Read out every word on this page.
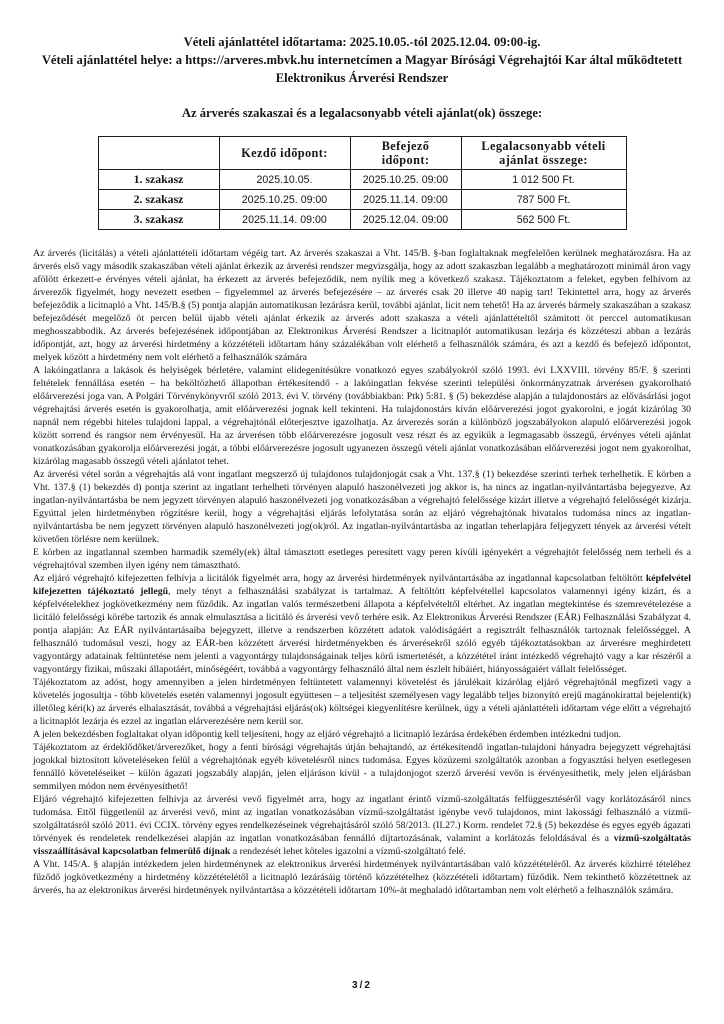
Vételi ajánlattétel időtartama: 2025.10.05.-tól 2025.12.04. 09:00-ig.

Vételi ajánlattétel helye: a https://arveres.mbvk.hu internetcímen a Magyar Bírósági Végrehajtói Kar által működtetett Elektronikus Árverési Rendszer

Az árverés szakaszai és a legalacsonyabb vételi ajánlat(ok) összege:
	Kezdő időpont:	Befejező időpont:	Legalacsonyabb vételi ajánlat összege:
1. szakasz	2025.10.05.	2025.10.25. 09:00	1 012 500 Ft.
2. szakasz	2025.10.25. 09:00	2025.11.14. 09:00	787 500 Ft.
3. szakasz	2025.11.14. 09:00	2025.12.04. 09:00	562 500 Ft.

Az árverés (licitálás) a vételi ajánlattételi időtartam végéig tart. Az árverés szakaszai a Vht. 145/B. §-ban foglaltaknak megfelelően kerülnek meghatározásra. Ha az árverés első vagy második szakaszában vételi ajánlat érkezik az árverési rendszer megvizsgálja, hogy az adott szakaszban legalább a meghatározott minimál áron vagy afölött érkezett-e érvényes vételi ajánlat, ha érkezett az árverés befejeződik, nem nyílik meg a következő szakasz. Tájékoztatom a feleket, egyben felhívom az árverezők figyelmét, hogy nevezett esetben – figyelemmel az árverés befejezésére – az árverés csak 20 illetve 40 napig tart! Tekintettel arra, hogy az árverés befejeződik a licitnapló a Vht. 145/B.§ (5) pontja alapján automatikusan lezárásra kerül, további ajánlat, licit nem tehető! Ha az árverés bármely szakaszában a szakasz befejeződését megelőző öt percen belül újabb vételi ajánlat érkezik az árverés adott szakasza a vételi ajánlattételtől számított öt perccel automatikusan meghosszabbodik. Az árverés befejezésének időpontjában az Elektronikus Árverési Rendszer a licitnaplót automatikusan lezárja és közzéteszi abban a lezárás időpontját, azt, hogy az árverési hirdetmény a közzétételi időtartam hány százalékában volt elérhető a felhasználók számára, és azt a kezdő és befejező időpontot, melyek között a hirdetmény nem volt elérhető a felhasználók számára

A lakóingatlanra a lakások és helyiségek bérletére, valamint elidegenítésükre vonatkozó egyes szabályokról szóló 1993. évi LXXVIII. törvény 85/F. § szerinti feltételek fennállása esetén – ha beköltözhető állapotban értékesítendő - a lakóingatlan fekvése szerinti települési önkormányzatnak árverésen gyakorolható előárverezési joga van. A Polgári Törvénykönyvről szóló 2013. évi V. törvény (továbbiakban: Ptk) 5:81. § (5) bekezdése alapján a tulajdonostárs az elővásárlási jogot végrehajtási árverés esetén is gyakorolhatja, amit előárverezési jognak kell tekinteni. Ha tulajdonostárs kíván előárverezési jogot gyakorolni, e jogát kizárólag 30 napnál nem régebbi hiteles tulajdoni lappal, a végrehajtónál előterjesztve igazolhatja. Az árverezés során a különböző jogszabályokon alapuló előárverezési jogok között sorrend és rangsor nem érvényesül. Ha az árverésen több előárverezésre jogosult vesz részt és az egyikük a legmagasabb összegű, érvényes vételi ajánlat vonatkozásában gyakorolja előárverezési jogát, a többi előárverezésre jogosult ugyanezen összegű vételi ajánlat vonatkozásában előárverezési jogot nem gyakorolhat, kizárólag magasabb összegű vételi ajánlatot tehet.

Az árverési vétel során a végrehajtás alá vont ingatlant megszerző új tulajdonos tulajdonjogát csak a Vht. 137.§ (1) bekezdése szerinti terhek terhelhetik. E körben a Vht. 137.§ (1) bekezdés d) pontja szerint az ingatlant terhelheti törvényen alapuló haszonélvezeti jog akkor is, ha nincs az ingatlan-nyilvántartásba bejegyezve. Az ingatlan-nyilvántartásba be nem jegyzett törvényen alapuló haszonélvezeti jog vonatkozásában a végrehajtó felelőssége kizárt illetve a végrehajtó felelősségét kizárja. Egyúttal jelen hirdetményben rögzítésre kerül, hogy a végrehajtási eljárás lefolytatása során az eljáró végrehajtónak hivatalos tudomása nincs az ingatlan-nyilvántartásba be nem jegyzett törvényen alapuló haszonélvezeti jog(ok)ról. Az ingatlan-nyilvántartásba az ingatlan teherlapjára feljegyzett tények az árverési vételt követően törlésre nem kerülnek.

E körben az ingatlannal szemben harmadik személy(ek) által támasztott esetleges peresített vagy peren kívüli igényekért a végrehajtót felelősség nem terheli és a végrehajtóval szemben ilyen igény nem támasztható.

Az eljáró végrehajtó kifejezetten felhívja a licitálók figyelmét arra, hogy az árverési hirdetmények nyilvántartásába az ingatlannal kapcsolatban feltöltött képfelvétel kifejezetten tájékoztató jellegű, mely tényt a felhasználási szabályzat is tartalmaz. A feltöltött képfelvétellel kapcsolatos valamennyi igény kizárt, és a képfelvételekhez jogkövetkezmény nem fűződik. Az ingatlan valós természetbeni állapota a képfelvételtől eltérhet. Az ingatlan megtekintése és szemrevételezése a licitáló felelősségi körébe tartozik és annak elmulasztása a licitáló és árverési vevő terhére esik. Az Elektronikus Árverési Rendszer (EÁR) Felhasználási Szabályzat 4. pontja alapján: Az EÁR nyilvántartásaiba bejegyzett, illetve a rendszerben közzétett adatok valódiságáért a regisztrált felhasználók tartoznak felelősséggel. A felhasználó tudomásul veszi, hogy az EÁR-ben közzétett árverési hirdetményekben és árverésekről szóló egyéb tájékoztatásokban az árverésre meghirdetett vagyontárgy adatainak feltüntetése nem jelenti a vagyontárgy tulajdonságainak teljes körű ismertetését, a közzététel iránt intézkedő végrehajtó vagy a kar részéről a vagyontárgy fizikai, műszaki állapotáért, minőségéért, továbbá a vagyontárgy felhasználó által nem észlelt hibáiért, hiányosságaiért vállalt felelősséget.

Tájékoztatom az adóst, hogy amennyiben a jelen hirdetményen feltüntetett valamennyi követelést és járulékait kizárólag eljáró végrehajtónál megfizeti vagy a követelés jogosultja - több követelés esetén valamennyi jogosult együttesen – a teljesítést személyesen vagy legalább teljes bizonyító erejű magánokirattal bejelenti(k) illetőleg kéri(k) az árverés elhalasztását, továbbá a végrehajtási eljárás(ok) költségei kiegyenlítésre kerülnek, úgy a vételi ajánlattételi időtartam vége előtt a végrehajtó a licitnaplót lezárja és ezzel az ingatlan elárverezésére nem kerül sor.

A jelen bekezdésben foglaltakat olyan időpontig kell teljesíteni, hogy az eljáró végrehajtó a licitnapló lezárása érdekében érdemben intézkedni tudjon.

Tájékoztatom az érdeklődőket/árverezőket, hogy a fenti bírósági végrehajtás útján behajtandó, az értékesítendő ingatlan-tulajdoni hányadra bejegyzett végrehajtási jogokkal biztosított követeléseken felül a végrehajtónak egyéb követelésről nincs tudomása. Egyes közüzemi szolgáltatók azonban a fogyasztási helyen esetlegesen fennálló követeléseiket – külön ágazati jogszabály alapján, jelen eljáráson kívül - a tulajdonjogot szerző árverési vevőn is érvényesíthetik, mely jelen eljárásban semmilyen módon nem érvényesíthető!

Eljáró végrehajtó kifejezetten felhívja az árverési vevő figyelmét arra, hogy az ingatlant érintő vízmű-szolgáltatás felfüggesztéséről vagy korlátozásáról nincs tudomása. Ettől függetlenül az árverési vevő, mint az ingatlan vonatkozásában vízmű-szolgáltatást igénybe vevő tulajdonos, mint lakossági felhasználó a vízmű-szolgáltatásról szóló 2011. évi CCIX. törvény egyes rendelkezéseinek végrehajtásáról szóló 58/2013. (II.27.) Korm. rendelet 72.§ (5) bekezdése és egyes egyéb ágazati törvények és rendeletek rendelkezései alapján az ingatlan vonatkozásában fennálló díjtartozásának, valamint a korlátozás feloldásával és a vízmű-szolgáltatás visszaállításával kapcsolatban felmerülő díjnak a rendezését lehet köteles igazolni a vízmű-szolgáltató felé.

A Vht. 145/A. § alapján intézkedem jelen hirdetménynek az elektronikus árverési hirdetmények nyilvántartásában való közzétételéről. Az árverés közhirré tételéhez fűződő jogkövetkezmény a hirdetmény közzétételétől a licitnapló lezárásáig történő közzétételhez (közzétételi időtartam) fűződik. Nem tekinthető közzétettnek az árverés, ha az elektronikus árverési hirdetmények nyilvántartása a közzétételi időtartam 10%-át meghaladó időtartamban nem volt elérhető a felhasználók számára.

3/2
